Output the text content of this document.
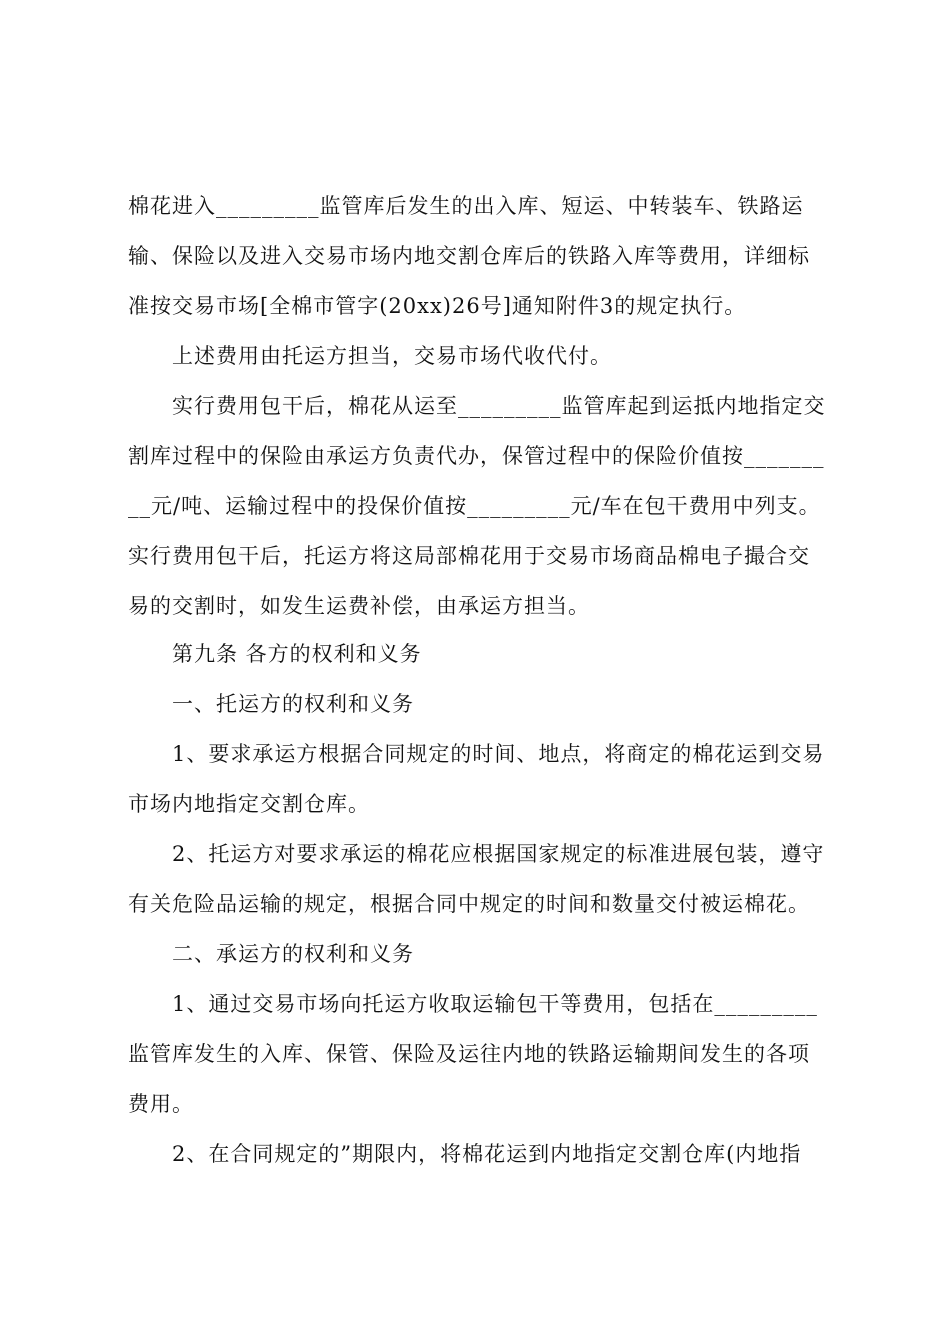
棉花进入_________监管库后发生的出入库、短运、中转装车、铁路运
输、保险以及进入交易市场内地交割仓库后的铁路入库等费用，详细标
准按交易市场[全棉市管字(20xx)26号]通知附件3的规定执行。
上述费用由托运方担当，交易市场代收代付。
实行费用包干后，棉花从运至_________监管库起到运抵内地指定交
割库过程中的保险由承运方负责代办，保管过程中的保险价值按_______
__元/吨、运输过程中的投保价值按_________元/车在包干费用中列支。
实行费用包干后，托运方将这局部棉花用于交易市场商品棉电子撮合交
易的交割时，如发生运费补偿，由承运方担当。
第九条 各方的权利和义务
一、托运方的权利和义务
1、要求承运方根据合同规定的时间、地点，将商定的棉花运到交易
市场内地指定交割仓库。
2、托运方对要求承运的棉花应根据国家规定的标准进展包装，遵守
有关危险品运输的规定，根据合同中规定的时间和数量交付被运棉花。
二、承运方的权利和义务
1、通过交易市场向托运方收取运输包干等费用，包括在_________
监管库发生的入库、保管、保险及运往内地的铁路运输期间发生的各项
费用。
2、在合同规定的”期限内，将棉花运到内地指定交割仓库(内地指
